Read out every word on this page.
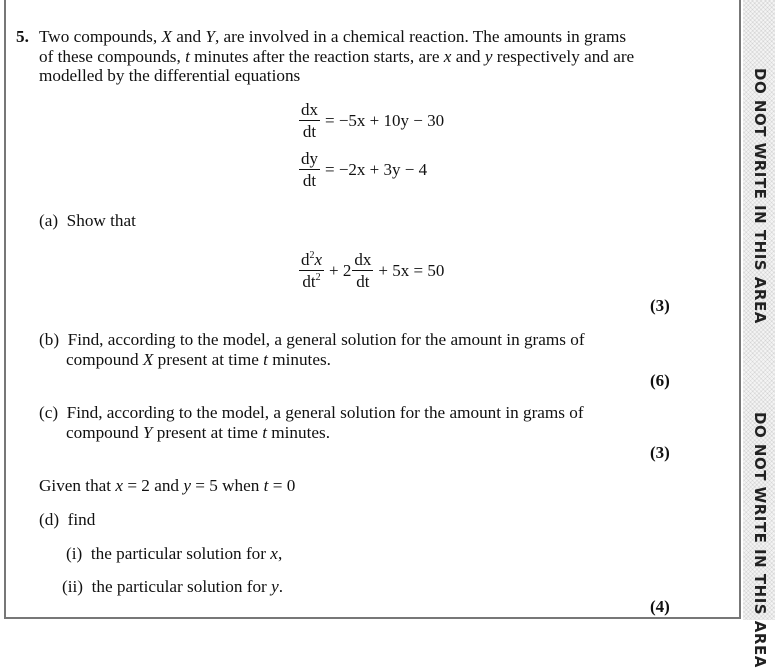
5. Two compounds, X and Y, are involved in a chemical reaction. The amounts in grams
of these compounds, t minutes after the reaction starts, are x and y respectively and are
modelled by the differential equations
$\frac{dx}{dt} = -5x + 10y - 30$
$\frac{dy}{dt} = -2x + 3y - 4$
(a) Show that
$\frac{d^2x}{dt^2} + 2 \frac{dx}{dt} + 5x = 50$
(3)
(b) Find, according to the model, a general solution for the amount in grams of
compound X present at time t minutes.
(6)
(c) Find, according to the model, a general solution for the amount in grams of
compound Y present at time t minutes.
(3)
Given that x = 2 and y = 5 when t = 0
(d) find
(i) the particular solution for x,
(ii) the particular solution for y.
(4)
DO NOT WRITE IN THIS AREA
DO NOT WRITE IN THIS AREA
